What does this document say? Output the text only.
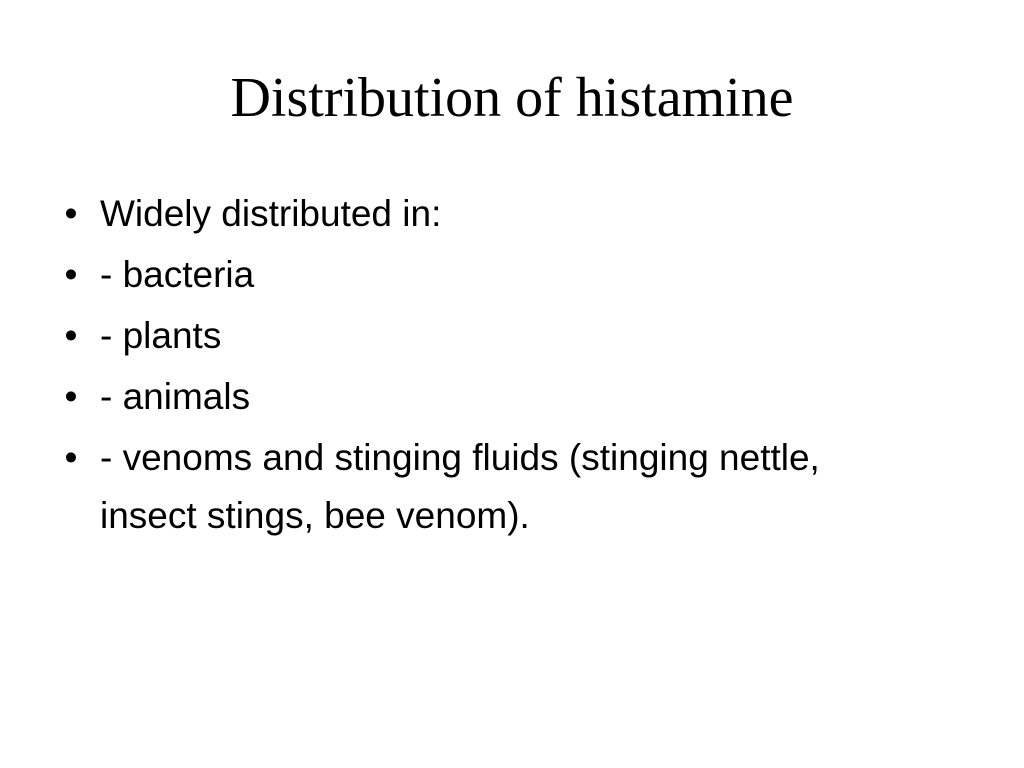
Distribution of histamine
• Widely distributed in:
• - bacteria
• - plants
• - animals
• - venoms and stinging fluids (stinging nettle, insect stings, bee venom).
